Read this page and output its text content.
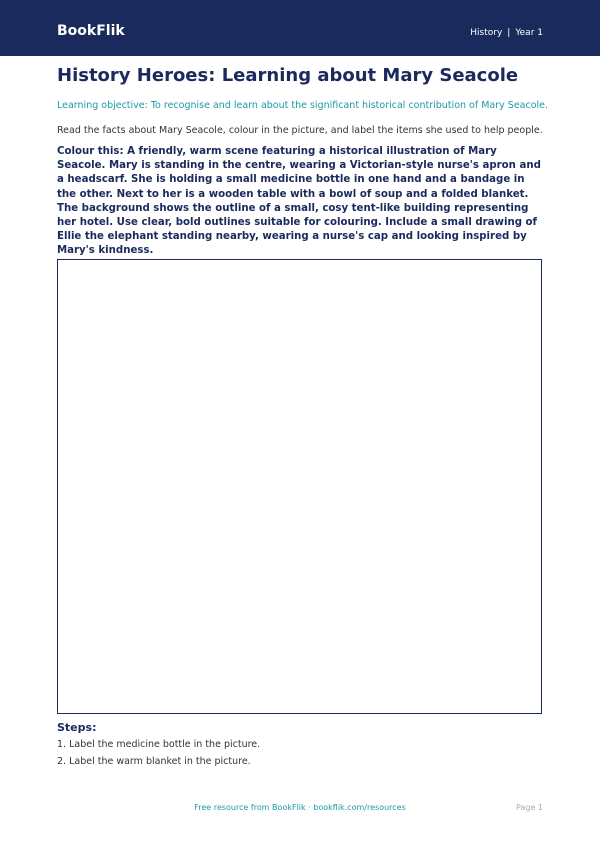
BookFlik	History | Year 1
History Heroes: Learning about Mary Seacole
Learning objective: To recognise and learn about the significant historical contribution of Mary Seacole.
Read the facts about Mary Seacole, colour in the picture, and label the items she used to help people.
Colour this: A friendly, warm scene featuring a historical illustration of Mary Seacole. Mary is standing in the centre, wearing a Victorian-style nurse's apron and a headscarf. She is holding a small medicine bottle in one hand and a bandage in the other. Next to her is a wooden table with a bowl of soup and a folded blanket. The background shows the outline of a small, cosy tent-like building representing her hotel. Use clear, bold outlines suitable for colouring. Include a small drawing of Ellie the elephant standing nearby, wearing a nurse's cap and looking inspired by Mary's kindness.
Steps:
1. Label the medicine bottle in the picture.
2. Label the warm blanket in the picture.
Free resource from BookFlik · bookflik.com/resources	Page 1
